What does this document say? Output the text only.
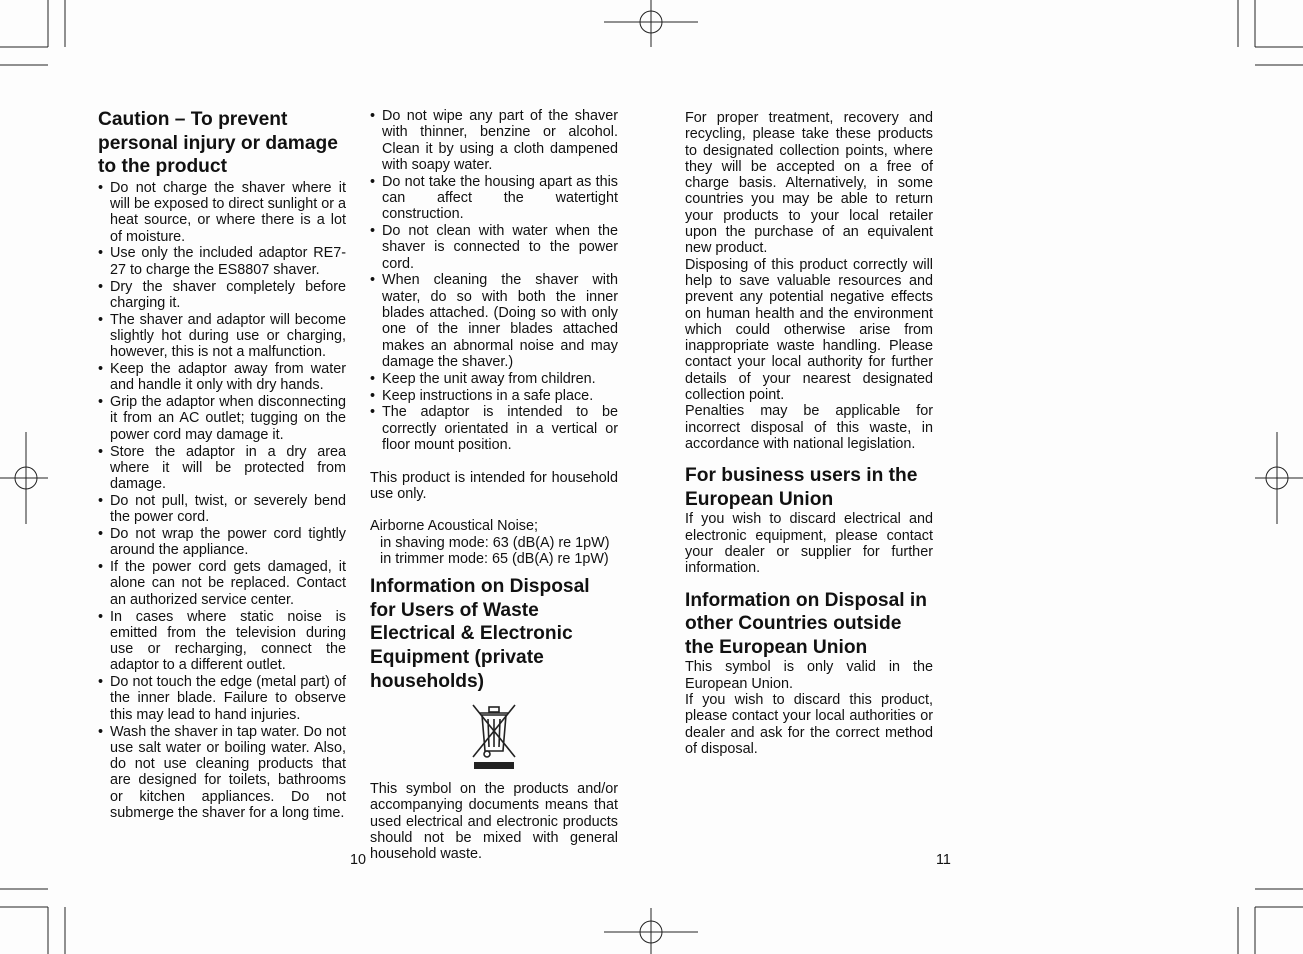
Caution – To prevent personal injury or damage to the product
• Do not charge the shaver where it will be exposed to direct sunlight or a heat source, or where there is a lot of moisture.
• Use only the included adaptor RE7-27 to charge the ES8807 shaver.
• Dry the shaver completely before charging it.
• The shaver and adaptor will become slightly hot during use or charging, however, this is not a malfunction.
• Keep the adaptor away from water and handle it only with dry hands.
• Grip the adaptor when disconnecting it from an AC outlet; tugging on the power cord may damage it.
• Store the adaptor in a dry area where it will be protected from damage.
• Do not pull, twist, or severely bend the power cord.
• Do not wrap the power cord tightly around the appliance.
• If the power cord gets damaged, it alone can not be replaced. Contact an authorized service center.
• In cases where static noise is emitted from the television during use or recharging, connect the adaptor to a different outlet.
• Do not touch the edge (metal part) of the inner blade. Failure to observe this may lead to hand injuries.
• Wash the shaver in tap water. Do not use salt water or boiling water. Also, do not use cleaning products that are designed for toilets, bathrooms or kitchen appliances. Do not submerge the shaver for a long time.
10
• Do not wipe any part of the shaver with thinner, benzine or alcohol. Clean it by using a cloth dampened with soapy water.
• Do not take the housing apart as this can affect the watertight construction.
• Do not clean with water when the shaver is connected to the power cord.
• When cleaning the shaver with water, do so with both the inner blades attached. (Doing so with only one of the inner blades attached makes an abnormal noise and may damage the shaver.)
• Keep the unit away from children.
• Keep instructions in a safe place.
• The adaptor is intended to be correctly orientated in a vertical or floor mount position.

This product is intended for household use only.

Airborne Acoustical Noise;

in shaving mode: 63 (dB(A) re 1pW)

in trimmer mode: 65 (dB(A) re 1pW)

Information on Disposal for Users of Waste Electrical & Electronic Equipment (private households)

This symbol on the products and/or accompanying documents means that used electrical and electronic products should not be mixed with general household waste.

For proper treatment, recovery and recycling, please take these products to designated collection points, where they will be accepted on a free of charge basis. Alternatively, in some countries you may be able to return your products to your local retailer upon the purchase of an equivalent new product.

Disposing of this product correctly will help to save valuable resources and prevent any potential negative effects on human health and the environment which could otherwise arise from inappropriate waste handling. Please contact your local authority for further details of your nearest designated collection point.

Penalties may be applicable for incorrect disposal of this waste, in accordance with national legislation.

For business users in the European Union

If you wish to discard electrical and electronic equipment, please contact your dealer or supplier for further information.

Information on Disposal in other Countries outside the European Union

This symbol is only valid in the European Union.

If you wish to discard this product, please contact your local authorities or dealer and ask for the correct method of disposal.

11
